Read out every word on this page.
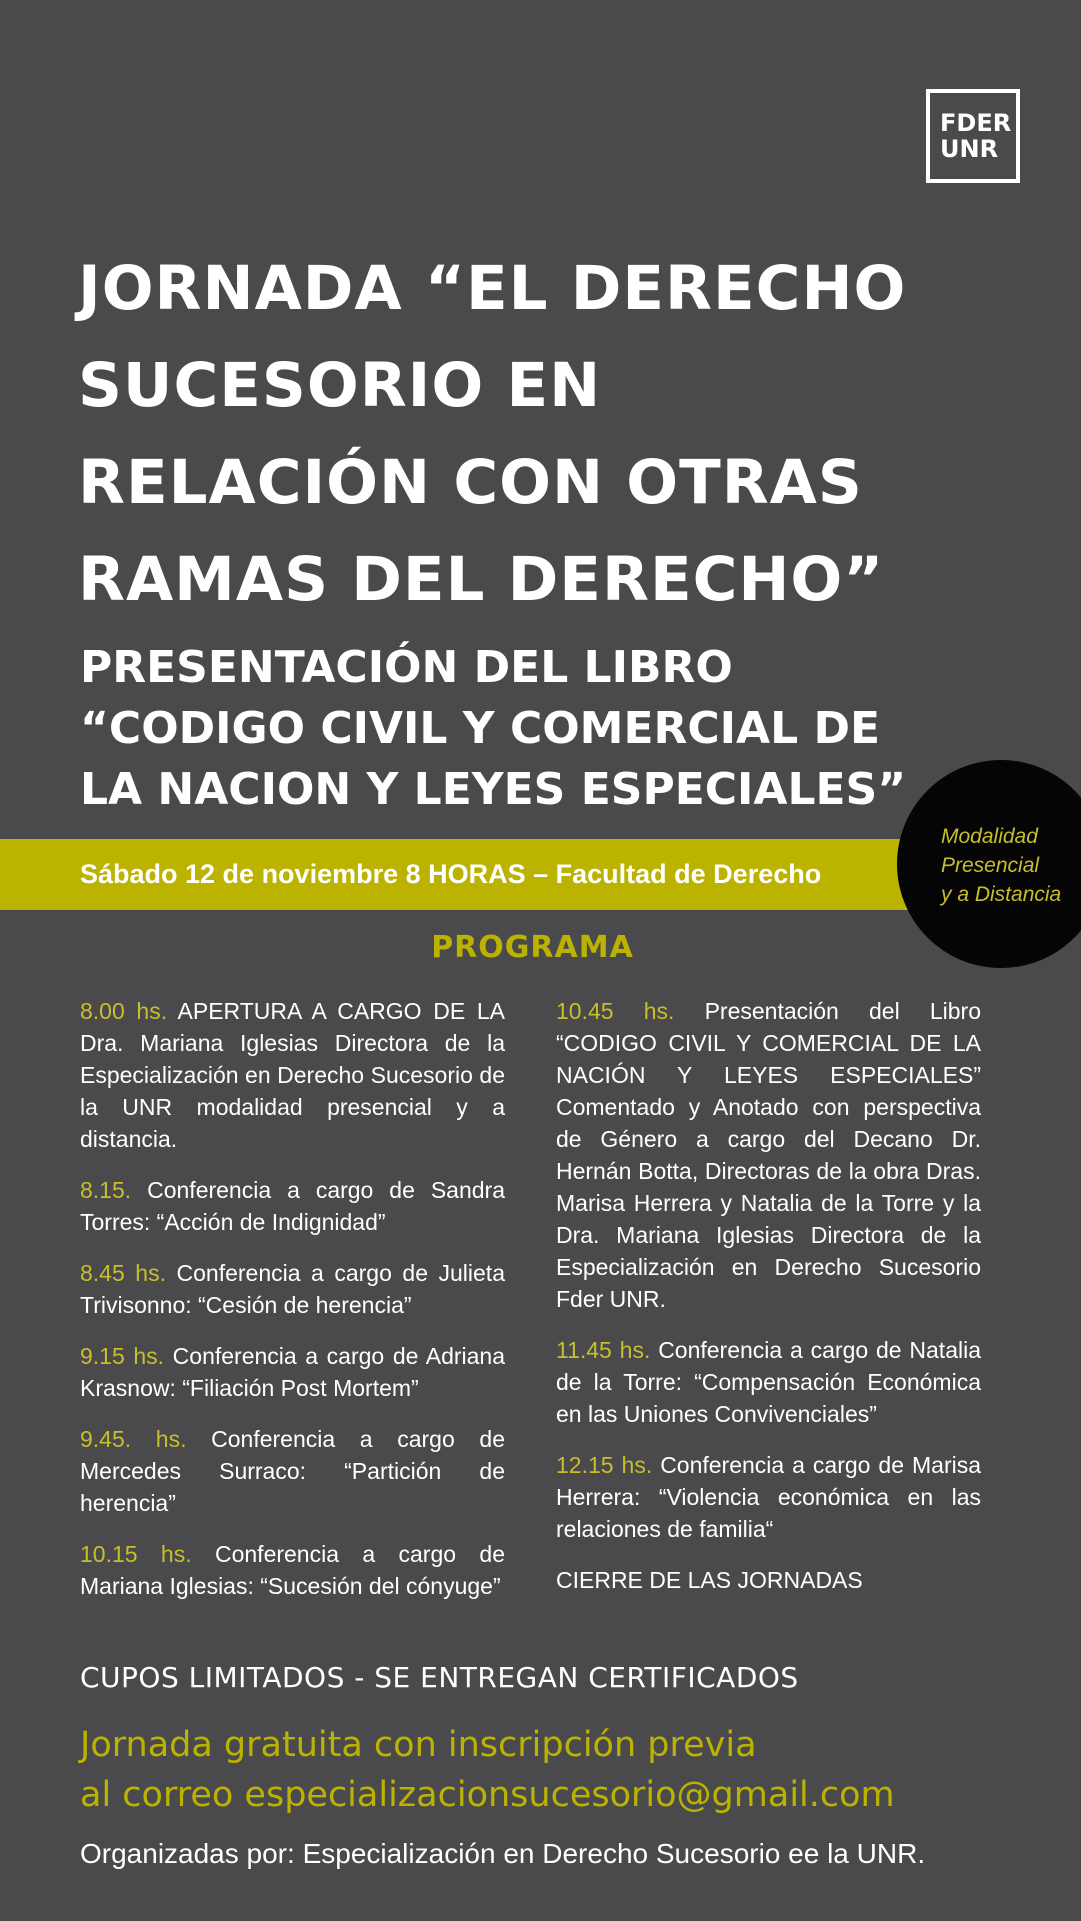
FDER
UNR
JORNADA “EL DERECHO
SUCESORIO EN
RELACIÓN CON OTRAS
RAMAS DEL DERECHO”
PRESENTACIÓN DEL LIBRO
“CODIGO CIVIL Y COMERCIAL DE
LA NACION Y LEYES ESPECIALES”
Sábado 12 de noviembre 8 HORAS – Facultad de Derecho
Modalidad
Presencial
y a Distancia
PROGRAMA

8.00 hs. APERTURA A CARGO DE LA Dra. Mariana Iglesias Directora de la Especialización en Derecho Sucesorio de la UNR modalidad presencial y a distancia.

8.15. Conferencia a cargo de Sandra Torres: “Acción de Indignidad”

8.45 hs. Conferencia a cargo de Julieta Trivisonno: “Cesión de herencia”

9.15 hs. Conferencia a cargo de Adriana Krasnow: “Filiación Post Mortem”

9.45. hs. Conferencia a cargo de Mercedes Surraco: “Partición de herencia”

10.15 hs. Conferencia a cargo de Mariana Iglesias: “Sucesión del cónyuge”

10.45 hs. Presentación del Libro “CODIGO CIVIL Y COMERCIAL DE LA NACIÓN Y LEYES ESPECIALES” Comentado y Anotado con perspectiva de Género a cargo del Decano Dr. Hernán Botta, Directoras de la obra Dras. Marisa Herrera y Natalia de la Torre y la Dra. Mariana Iglesias Directora de la Especialización en Derecho Sucesorio Fder UNR.

11.45 hs. Conferencia a cargo de Natalia de la Torre: “Compensación Económica en las Uniones Convivenciales”

12.15 hs. Conferencia a cargo de Marisa Herrera: “Violencia económica en las relaciones de familia“

CIERRE DE LAS JORNADAS

CUPOS LIMITADOS - SE ENTREGAN CERTIFICADOS
Jornada gratuita con inscripción previa
al correo especializacionsucesorio@gmail.com
Organizadas por: Especialización en Derecho Sucesorio ee la UNR.
